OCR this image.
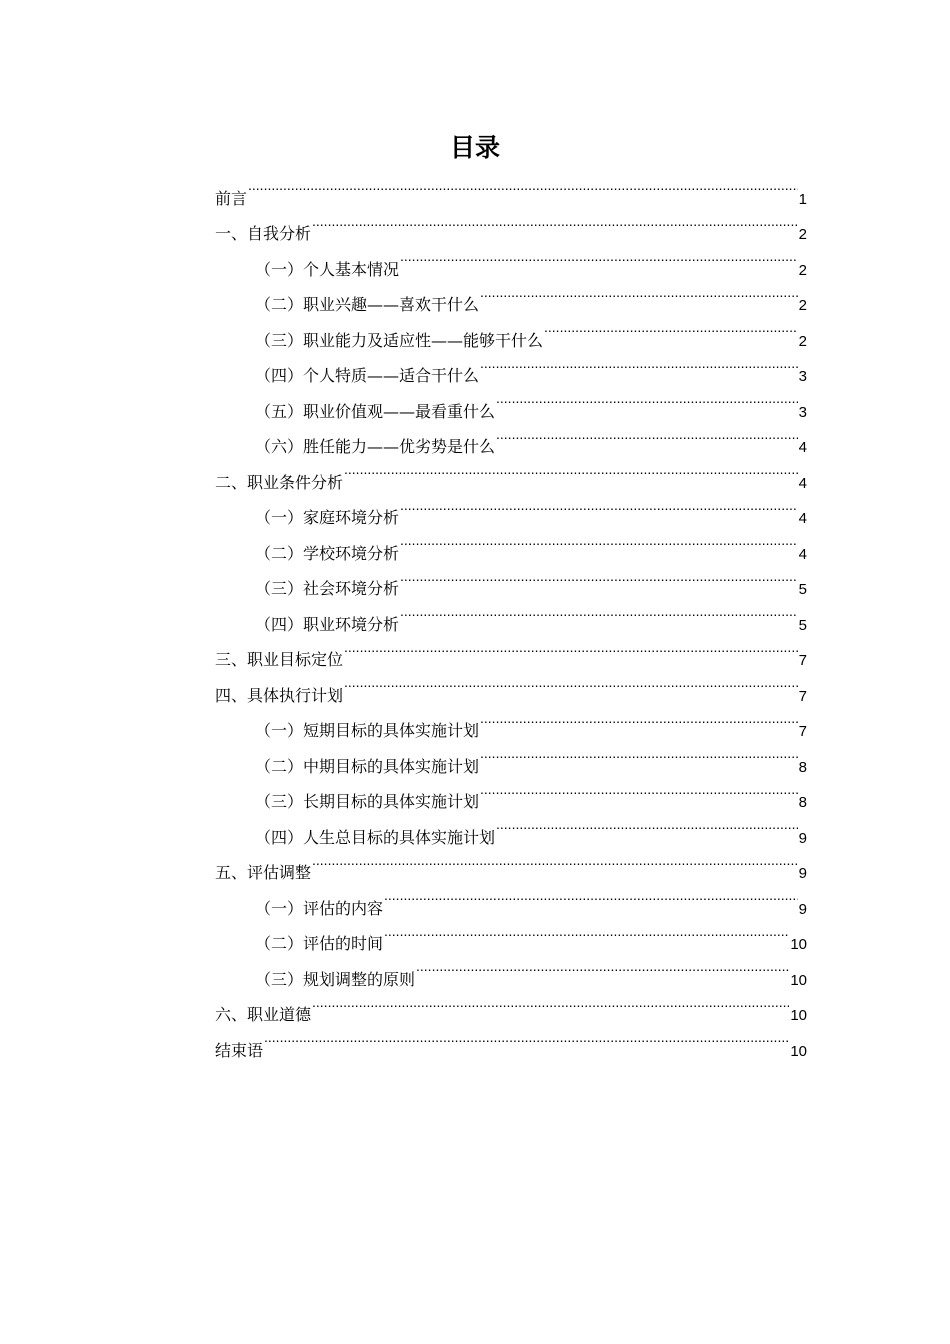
目录
前言 .....	1
一、自我分析 .....	2
（一）个人基本情况 .....	2
（二）职业兴趣——喜欢干什么 .....	2
（三）职业能力及适应性——能够干什么 .....	2
（四）个人特质——适合干什么 .....	3
（五）职业价值观——最看重什么 .....	3
（六）胜任能力——优劣势是什么 .....	4
二、职业条件分析 .....	4
（一）家庭环境分析 .....	4
（二）学校环境分析 .....	4
（三）社会环境分析 .....	5
（四）职业环境分析 .....	5
三、职业目标定位 .....	7
四、具体执行计划 .....	7
（一）短期目标的具体实施计划 .....	7
（二）中期目标的具体实施计划 .....	8
（三）长期目标的具体实施计划 .....	8
（四）人生总目标的具体实施计划 .....	9
五、评估调整 .....	9
（一）评估的内容 .....	9
（二）评估的时间 .....	10
（三）规划调整的原则 .....	10
六、职业道德 .....	10
结束语 .....	10
